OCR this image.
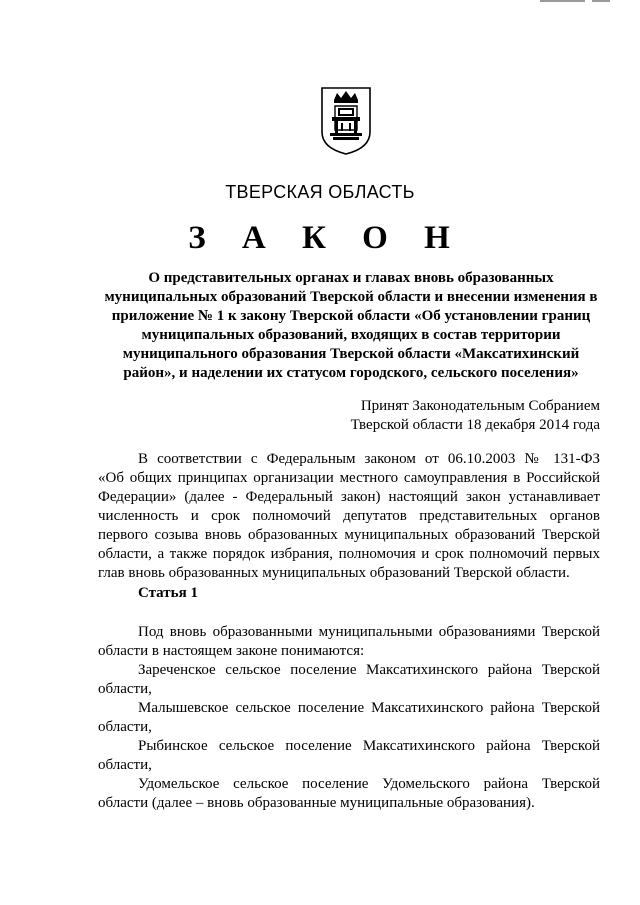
ТВЕРСКАЯ ОБЛАСТЬ
З А К О Н
О представительных органах и главах вновь образованных
муниципальных образований Тверской области и внесении изменения в
приложение № 1 к закону Тверской области «Об установлении границ
муниципальных образований, входящих в состав территории
муниципального образования Тверской области «Максатихинский
район», и наделении их статусом городского, сельского поселения»
Принят Законодательным Собранием
Тверской области 18 декабря 2014 года
В соответствии с Федеральным законом от 06.10.2003 № 131-ФЗ
«Об общих принципах организации местного самоуправления в Российской
Федерации» (далее - Федеральный закон) настоящий закон устанавливает
численность и срок полномочий депутатов представительных органов
первого созыва вновь образованных муниципальных образований Тверской
области, а также порядок избрания, полномочия и срок полномочий первых
глав вновь образованных муниципальных образований Тверской области.
Статья 1
Под вновь образованными муниципальными образованиями Тверской
области в настоящем законе понимаются:
Зареченское сельское поселение Максатихинского района Тверской
области,
Малышевское сельское поселение Максатихинского района Тверской
области,
Рыбинское сельское поселение Максатихинского района Тверской
области,
Удомельское сельское поселение Удомельского района Тверской
области (далее – вновь образованные муниципальные образования).
